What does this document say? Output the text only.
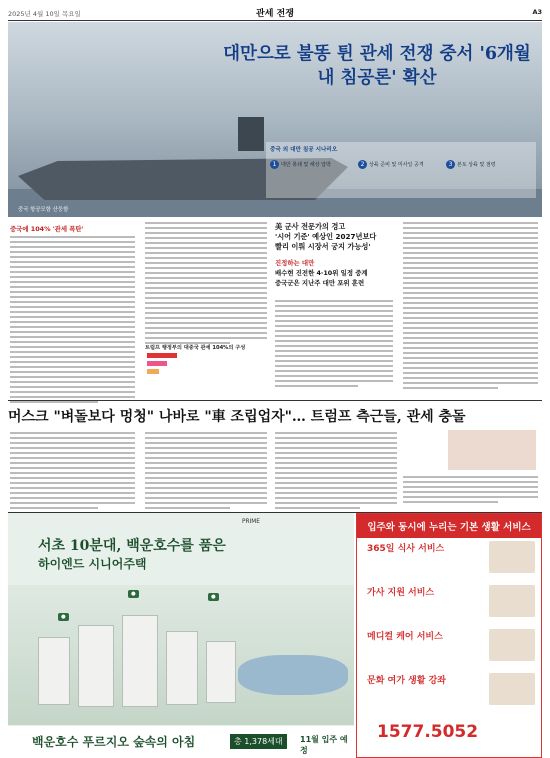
2025년 4월 10일 목요일	관세 전쟁	A3
대만으로 불똥 튄 관세 전쟁 중서 '6개월 내 침공론' 확산
중국 외 대만 침공 시나리오
1 대만 봉쇄 및 해상 압박	2 상륙 준비 및 미사일 공격	3 본토 상륙 및 점령
중국 항공모함 산둥함
중국에 104% '관세 폭탄'	美 군사 전문가의 경고
'시어 기준' 예상인 2027년보다
빨리 이뤄 시장서 궁지 가능성'
진정하는 대만
배수현 진전한 4·10위 일정 중계
중국군은 지난주 대만 포위 훈련
트럼프 행정부의 대중국 관세 104%의 구성
머스크 "벼돌보다 멍청" 나바로 "車 조립업자"… 트럼프 측근들, 관세 충돌
PRIME
서초 10분대, 백운호수를 품은
하이엔드 시니어주택
●	●
●
백운호수 푸르지오 숲속의 아침	총 1,378세대	11월 입주 예정
입주와 동시에 누리는 기본 생활 서비스
365일 식사 서비스
가사 지원 서비스
메디컬 케어 서비스
문화 여가 생활 강좌
1577.5052
